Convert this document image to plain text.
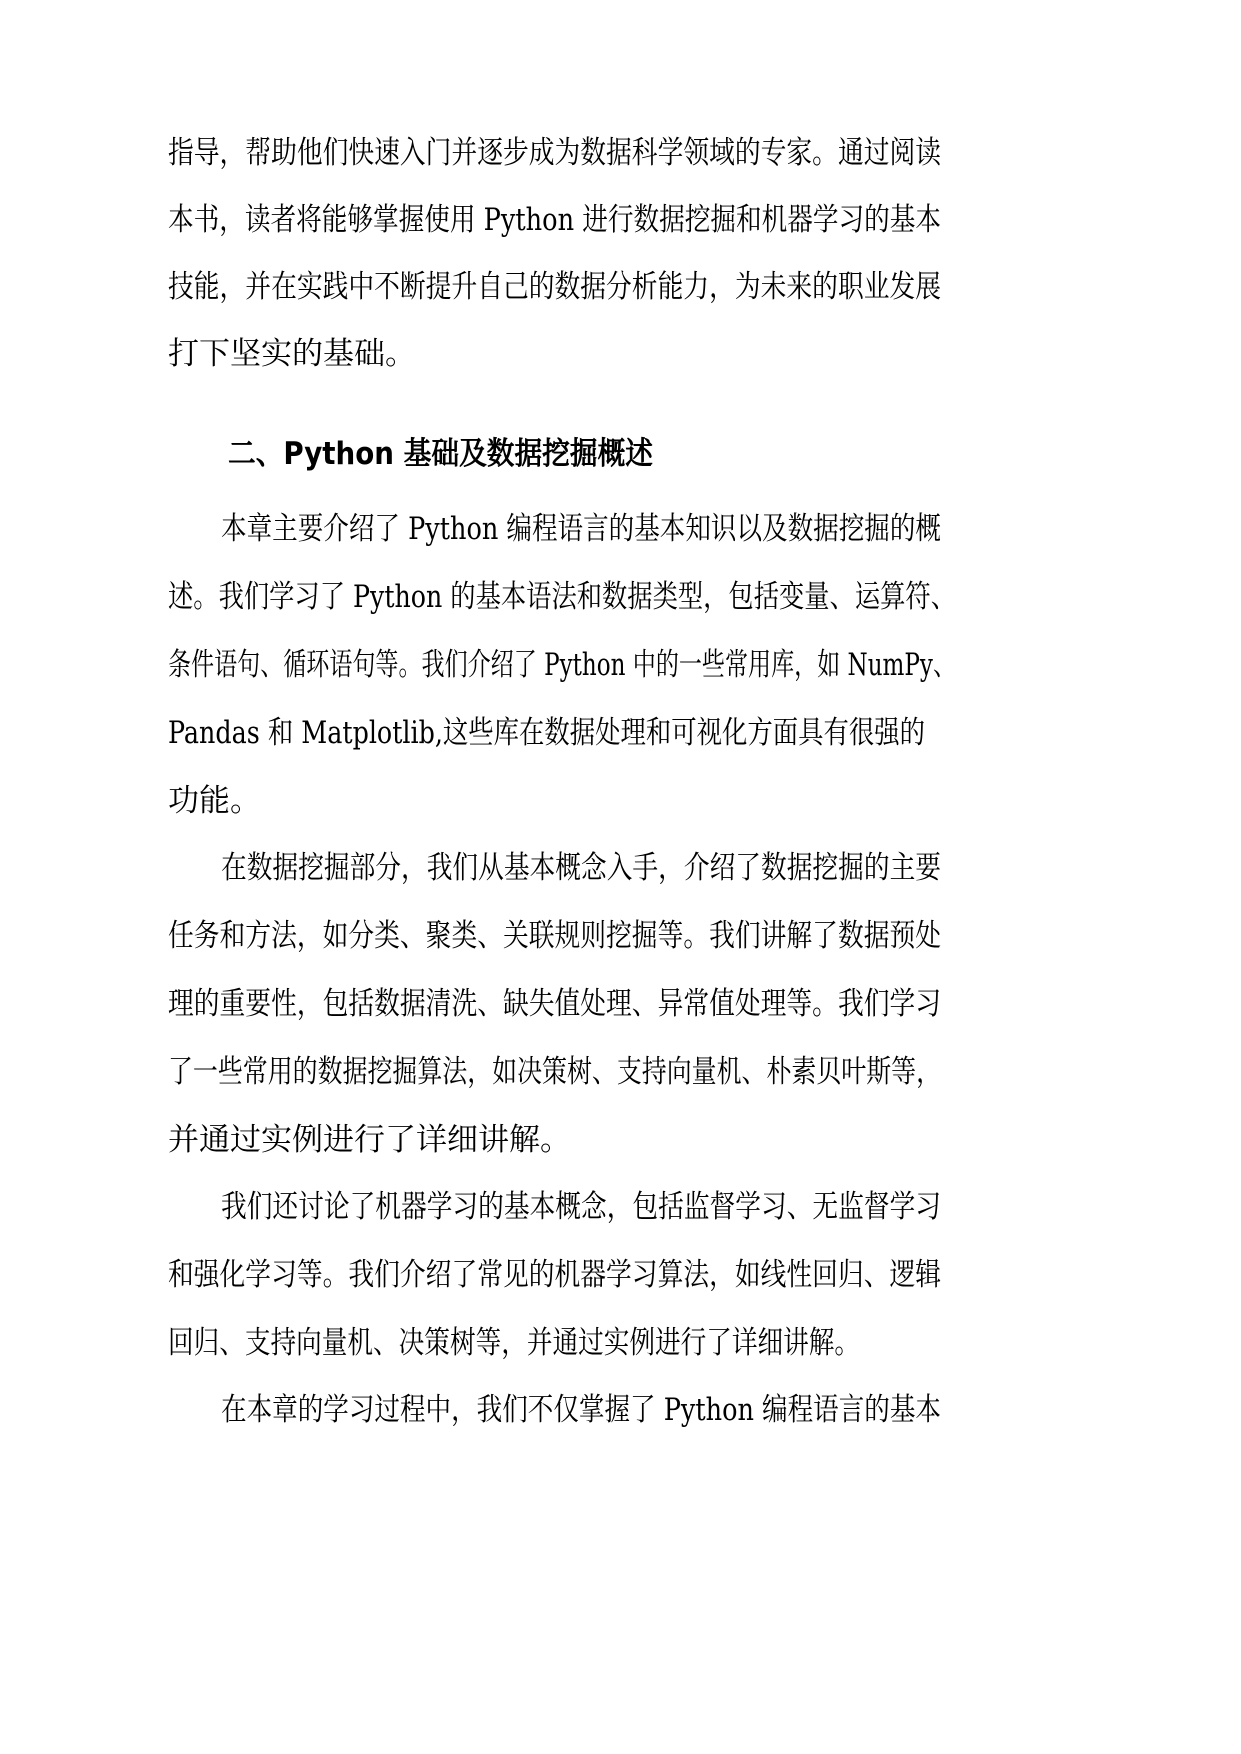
指导，帮助他们快速入门并逐步成为数据科学领域的专家。通过阅读

本书，读者将能够掌握使用 Python 进行数据挖掘和机器学习的基本

技能，并在实践中不断提升自己的数据分析能力，为未来的职业发展

打下坚实的基础。

二、Python 基础及数据挖掘概述

本章主要介绍了 Python 编程语言的基本知识以及数据挖掘的概

述。我们学习了 Python 的基本语法和数据类型，包括变量、运算符、

条件语句、循环语句等。我们介绍了 Python 中的一些常用库，如 NumPy、

Pandas 和 Matplotlib,这些库在数据处理和可视化方面具有很强的

功能。

在数据挖掘部分，我们从基本概念入手，介绍了数据挖掘的主要

任务和方法，如分类、聚类、关联规则挖掘等。我们讲解了数据预处

理的重要性，包括数据清洗、缺失值处理、异常值处理等。我们学习

了一些常用的数据挖掘算法，如决策树、支持向量机、朴素贝叶斯等，

并通过实例进行了详细讲解。

我们还讨论了机器学习的基本概念，包括监督学习、无监督学习

和强化学习等。我们介绍了常见的机器学习算法，如线性回归、逻辑

回归、支持向量机、决策树等，并通过实例进行了详细讲解。

在本章的学习过程中，我们不仅掌握了 Python 编程语言的基本
